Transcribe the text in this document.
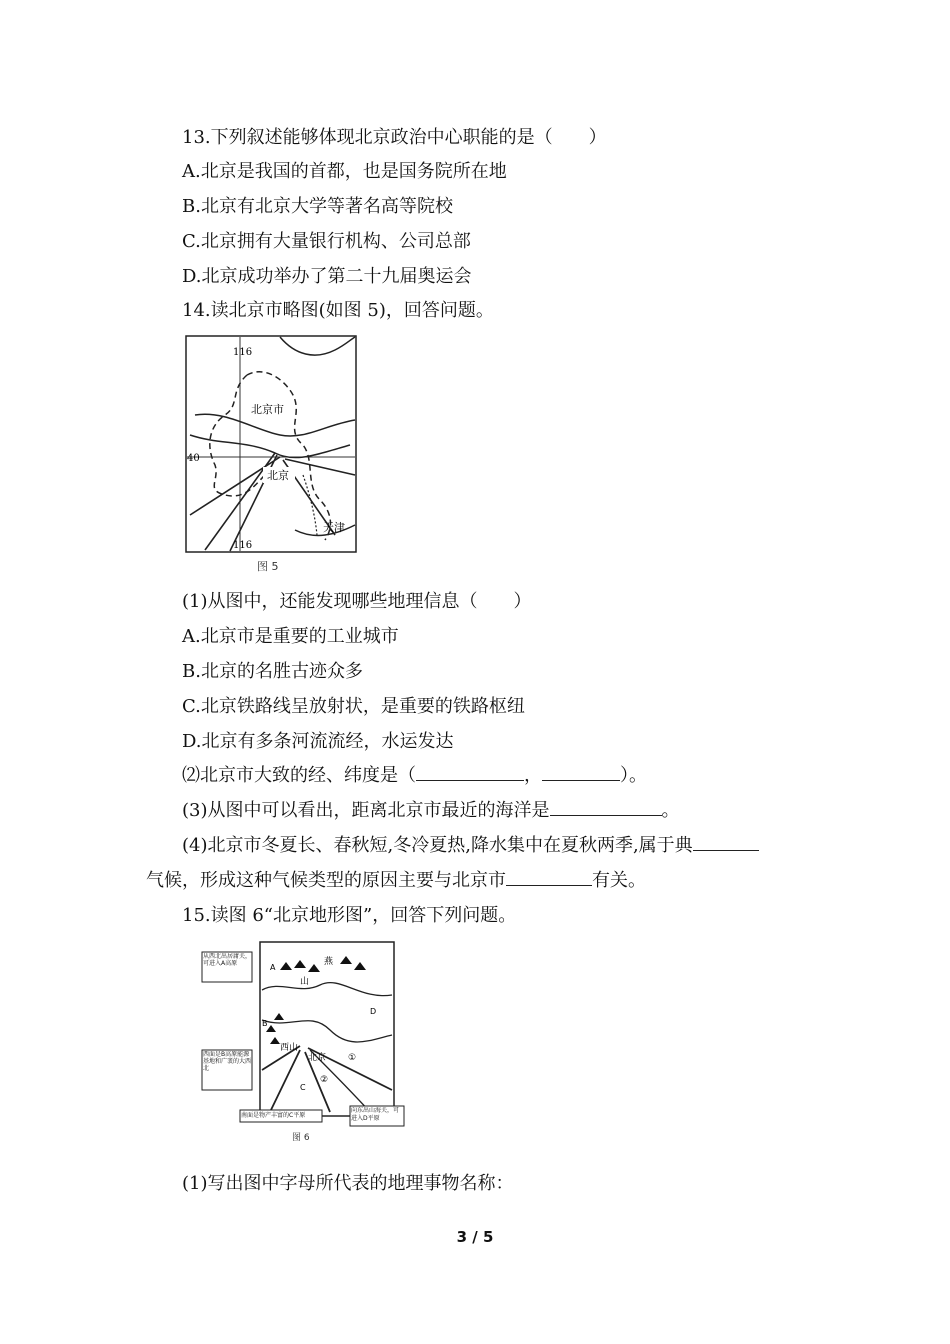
13.下列叙述能够体现北京政治中心职能的是（　　）
A.北京是我国的首都，也是国务院所在地
B.北京有北京大学等著名高等院校
C.北京拥有大量银行机构、公司总部
D.北京成功举办了第二十九届奥运会
14.读北京市略图(如图 5)，回答问题。
116
116
40
北京市
北京
天津
图 5
(1)从图中，还能发现哪些地理信息（　　）
A.北京市是重要的工业城市
B.北京的名胜古迹众多
C.北京铁路线呈放射状，是重要的铁路枢纽
D.北京有多条河流流经，水运发达
⑵北京市大致的经、纬度是（	，	）。
(3)从图中可以看出，距离北京市最近的海洋是	。
(4)北京市冬夏长、春秋短,冬冷夏热,降水集中在夏秋两季,属于典
气候，形成这种气候类型的原因主要与北京市	有关。
15.读图 6“北京地形图”，回答下列问题。
山
燕
西山
北京
A
B
D
C
②
①
从西北出居庸关，可进入A高原
西面是B高原能源基地和广袤的大西北
南面是物产丰富的C平原
向东出山海关，可进入D平原
图 6
(1)写出图中字母所代表的地理事物名称：
3 / 5
